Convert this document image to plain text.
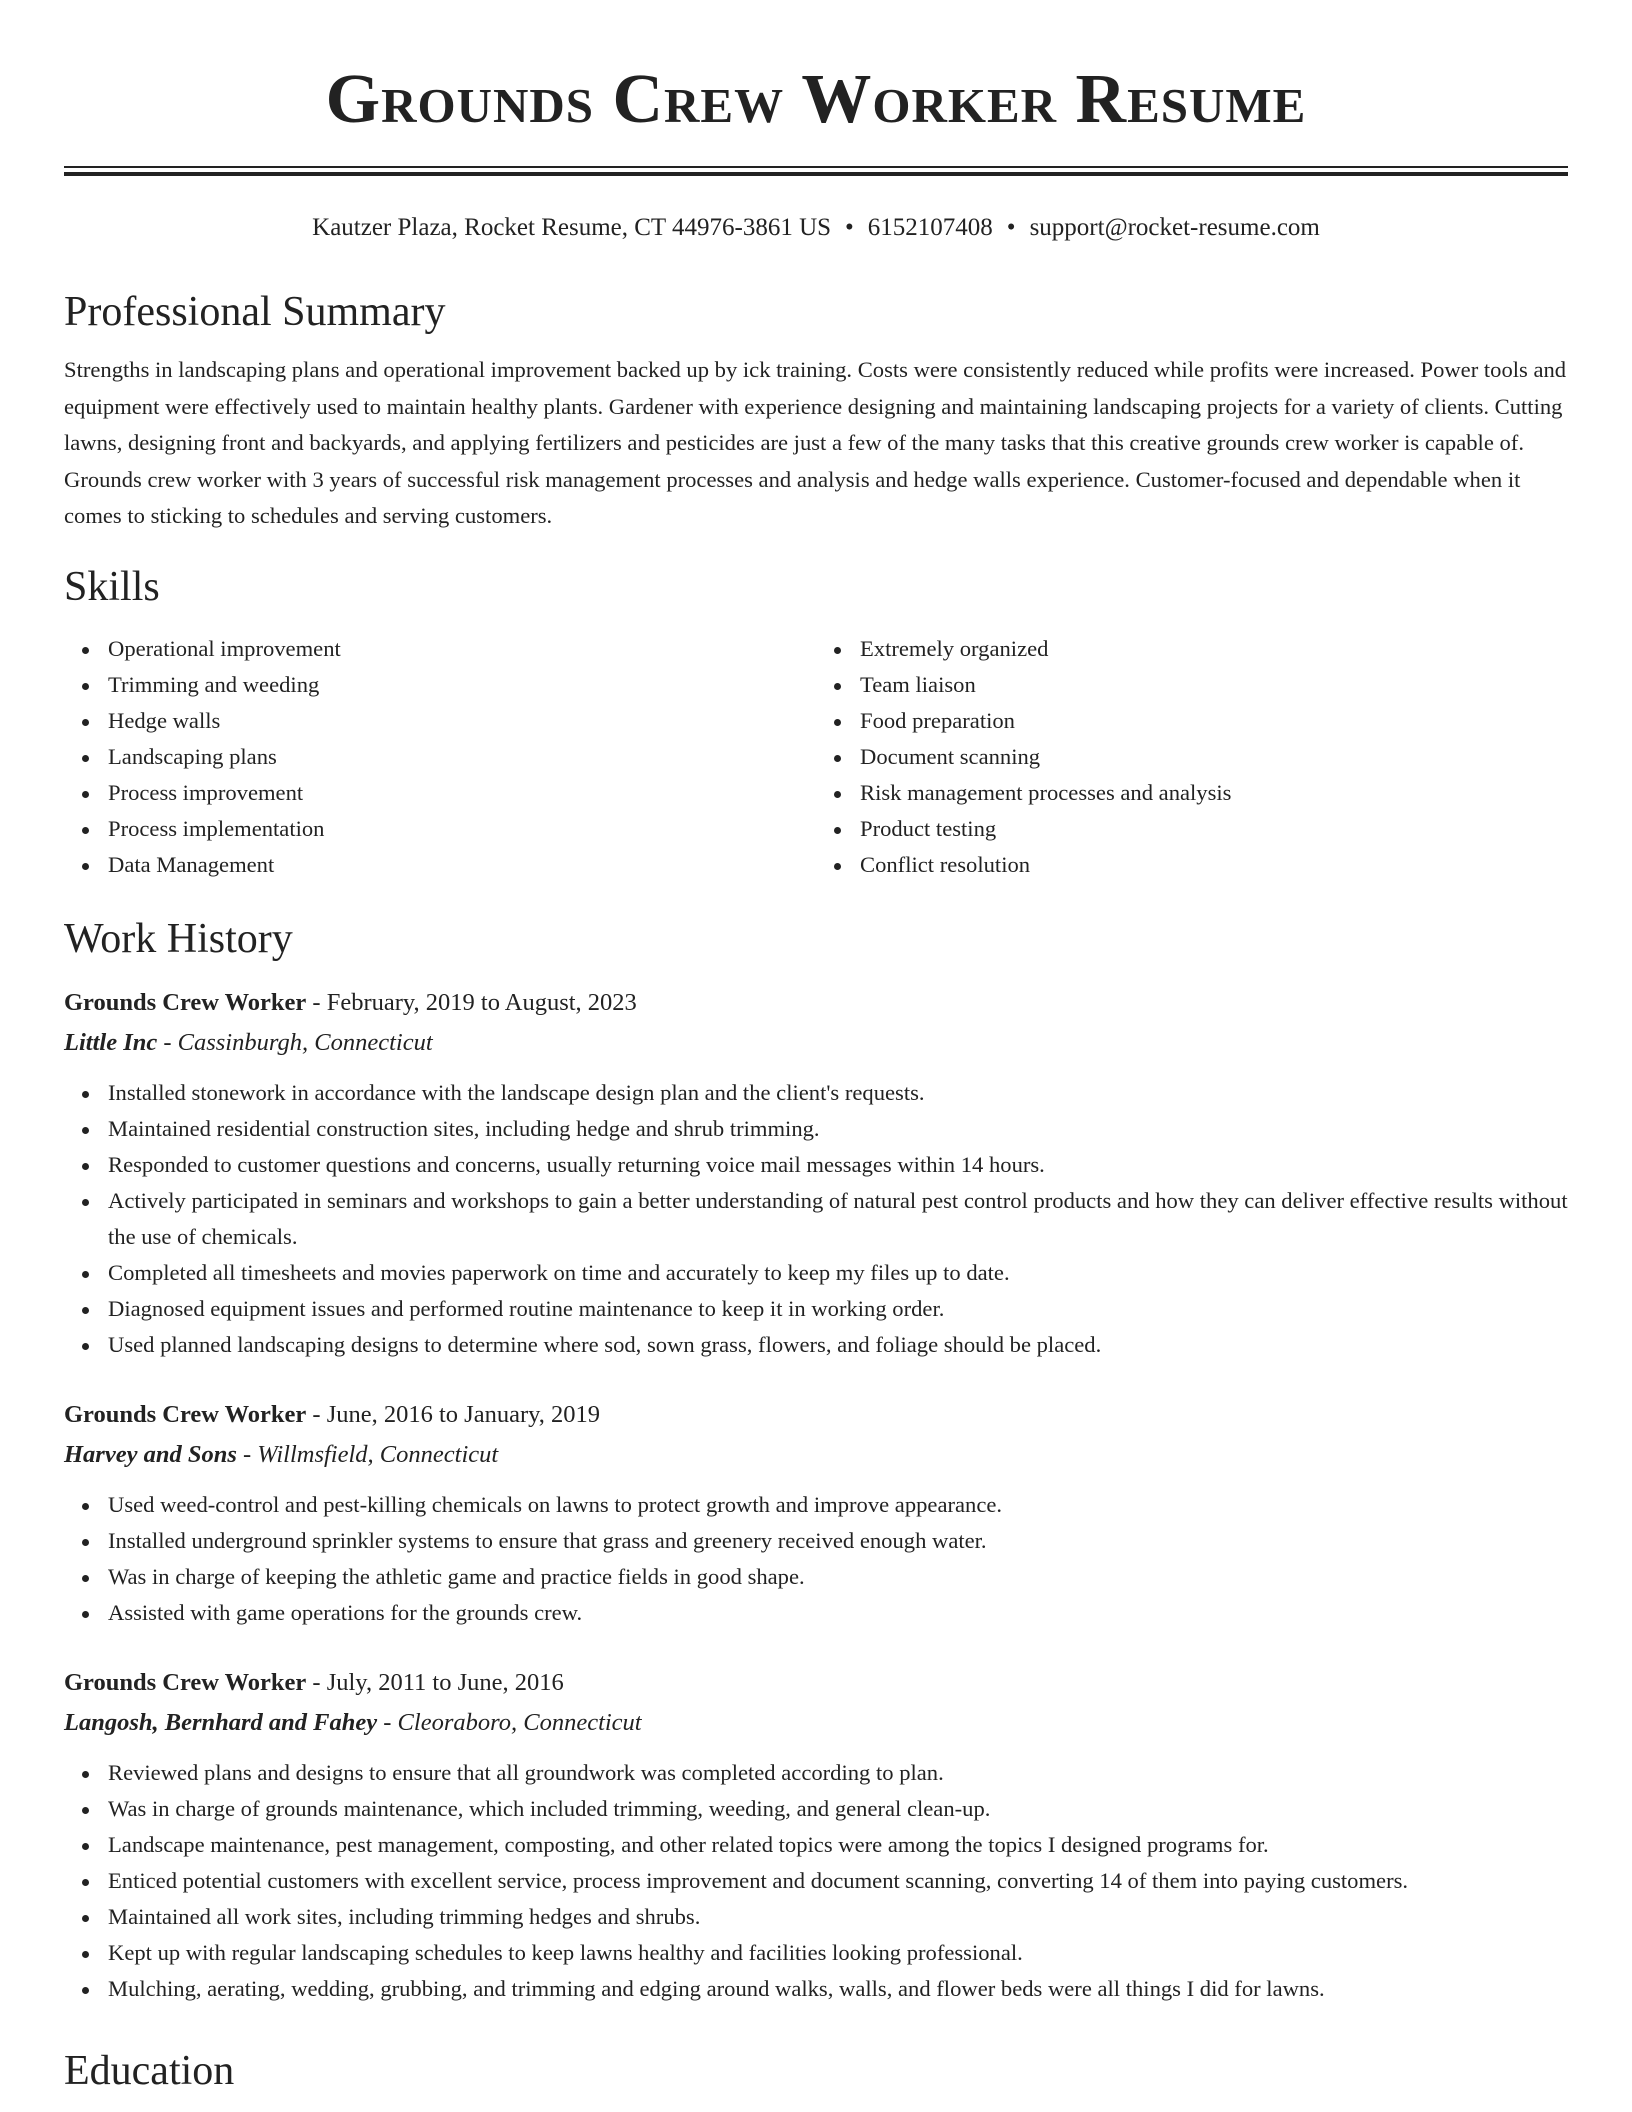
Grounds Crew Worker Resume
Kautzer Plaza, Rocket Resume, CT 44976-3861 US • 6152107408 • support@rocket-resume.com
Professional Summary

Strengths in landscaping plans and operational improvement backed up by ick training. Costs were consistently reduced while profits were increased. Power tools and equipment were effectively used to maintain healthy plants. Gardener with experience designing and maintaining landscaping projects for a variety of clients. Cutting lawns, designing front and backyards, and applying fertilizers and pesticides are just a few of the many tasks that this creative grounds crew worker is capable of. Grounds crew worker with 3 years of successful risk management processes and analysis and hedge walls experience. Customer-focused and dependable when it comes to sticking to schedules and serving customers.

Skills
Operational improvement
Trimming and weeding
Hedge walls
Landscaping plans
Process improvement
Process implementation
Data Management
Extremely organized
Team liaison
Food preparation
Document scanning
Risk management processes and analysis
Product testing
Conflict resolution
Work History
Grounds Crew Worker - February, 2019 to August, 2023
Little Inc - Cassinburgh, Connecticut
Installed stonework in accordance with the landscape design plan and the client's requests.
Maintained residential construction sites, including hedge and shrub trimming.
Responded to customer questions and concerns, usually returning voice mail messages within 14 hours.
Actively participated in seminars and workshops to gain a better understanding of natural pest control products and how they can deliver effective results without the use of chemicals.
Completed all timesheets and movies paperwork on time and accurately to keep my files up to date.
Diagnosed equipment issues and performed routine maintenance to keep it in working order.
Used planned landscaping designs to determine where sod, sown grass, flowers, and foliage should be placed.
Grounds Crew Worker - June, 2016 to January, 2019
Harvey and Sons - Willmsfield, Connecticut
Used weed-control and pest-killing chemicals on lawns to protect growth and improve appearance.
Installed underground sprinkler systems to ensure that grass and greenery received enough water.
Was in charge of keeping the athletic game and practice fields in good shape.
Assisted with game operations for the grounds crew.
Grounds Crew Worker - July, 2011 to June, 2016
Langosh, Bernhard and Fahey - Cleoraboro, Connecticut
Reviewed plans and designs to ensure that all groundwork was completed according to plan.
Was in charge of grounds maintenance, which included trimming, weeding, and general clean-up.
Landscape maintenance, pest management, composting, and other related topics were among the topics I designed programs for.
Enticed potential customers with excellent service, process improvement and document scanning, converting 14 of them into paying customers.
Maintained all work sites, including trimming hedges and shrubs.
Kept up with regular landscaping schedules to keep lawns healthy and facilities looking professional.
Mulching, aerating, wedding, grubbing, and trimming and edging around walks, walls, and flower beds were all things I did for lawns.
Education
